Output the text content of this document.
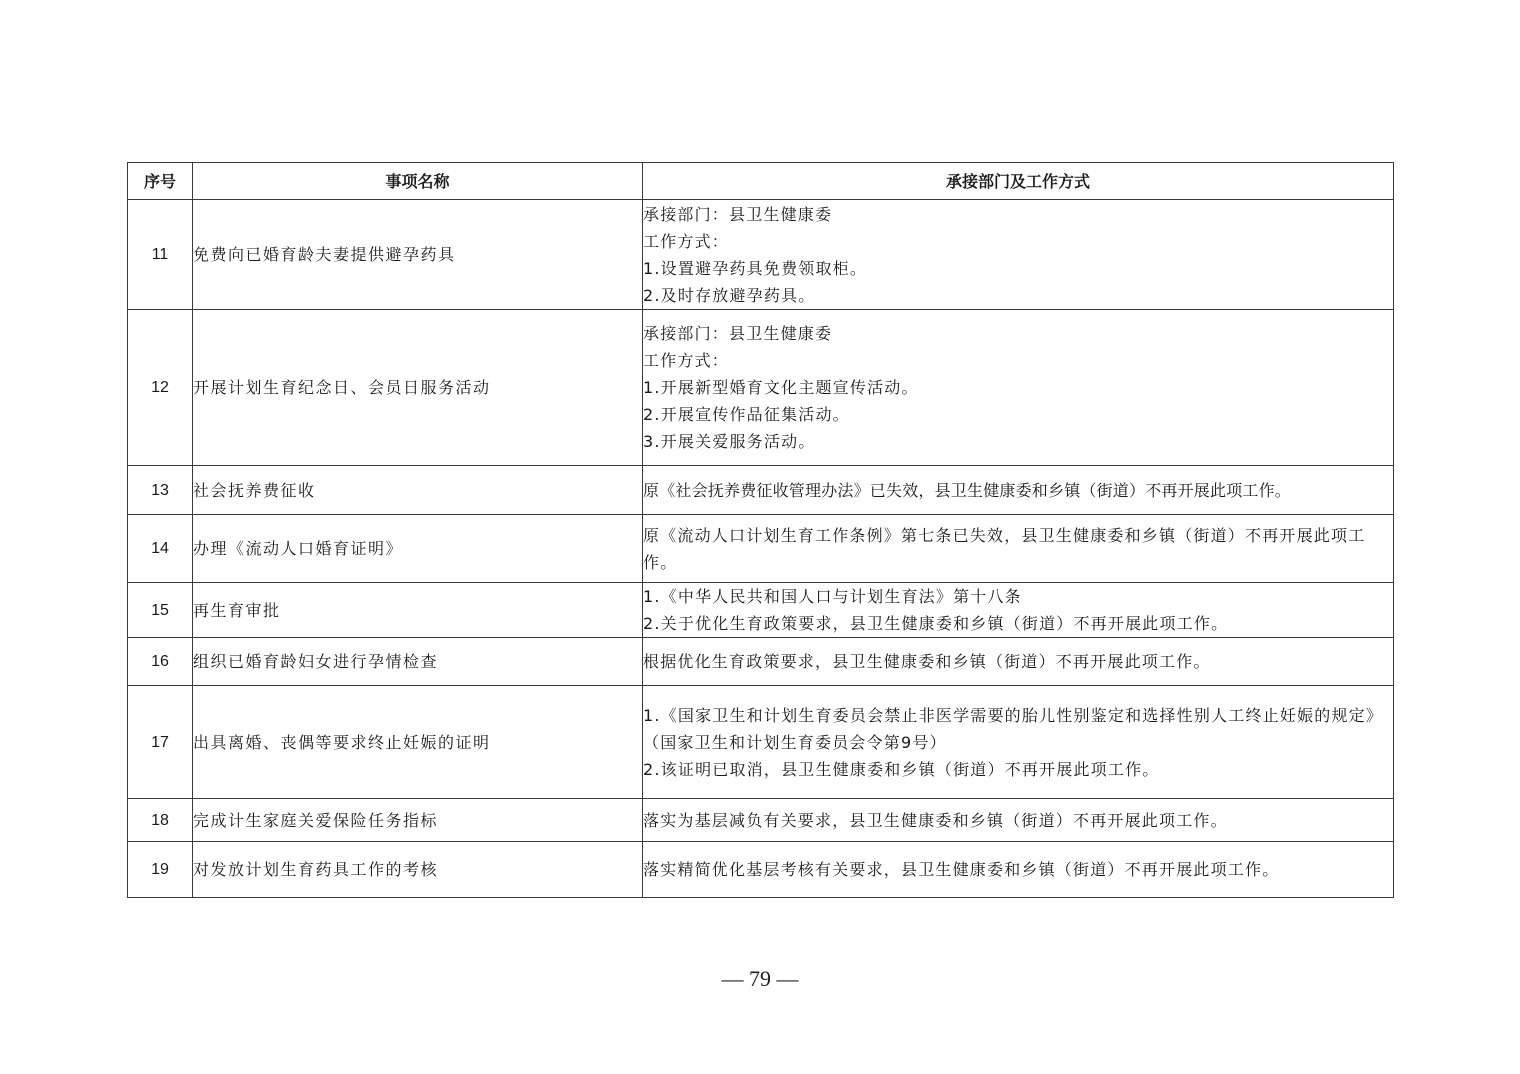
序号	事项名称	承接部门及工作方式
11	免费向已婚育龄夫妻提供避孕药具	承接部门：县卫生健康委
工作方式：
1.设置避孕药具免费领取柜。
2.及时存放避孕药具。

12	开展计划生育纪念日、会员日服务活动	承接部门：县卫生健康委
工作方式：
1.开展新型婚育文化主题宣传活动。
2.开展宣传作品征集活动。
3.开展关爱服务活动。

13	社会抚养费征收	原《社会抚养费征收管理办法》已失效，县卫生健康委和乡镇（街道）不再开展此项工作。

14	办理《流动人口婚育证明》	原《流动人口计划生育工作条例》第七条已失效，县卫生健康委和乡镇（街道）不再开展此项工作。

15	再生育审批	1.《中华人民共和国人口与计划生育法》第十八条
2.关于优化生育政策要求，县卫生健康委和乡镇（街道）不再开展此项工作。

16	组织已婚育龄妇女进行孕情检查	根据优化生育政策要求，县卫生健康委和乡镇（街道）不再开展此项工作。

17	出具离婚、丧偶等要求终止妊娠的证明	1.《国家卫生和计划生育委员会禁止非医学需要的胎儿性别鉴定和选择性别人工终止妊娠的规定》（国家卫生和计划生育委员会令第9号）
2.该证明已取消，县卫生健康委和乡镇（街道）不再开展此项工作。

18	完成计生家庭关爱保险任务指标	落实为基层减负有关要求，县卫生健康委和乡镇（街道）不再开展此项工作。

19	对发放计划生育药具工作的考核	落实精简优化基层考核有关要求，县卫生健康委和乡镇（街道）不再开展此项工作。
— 79 —
